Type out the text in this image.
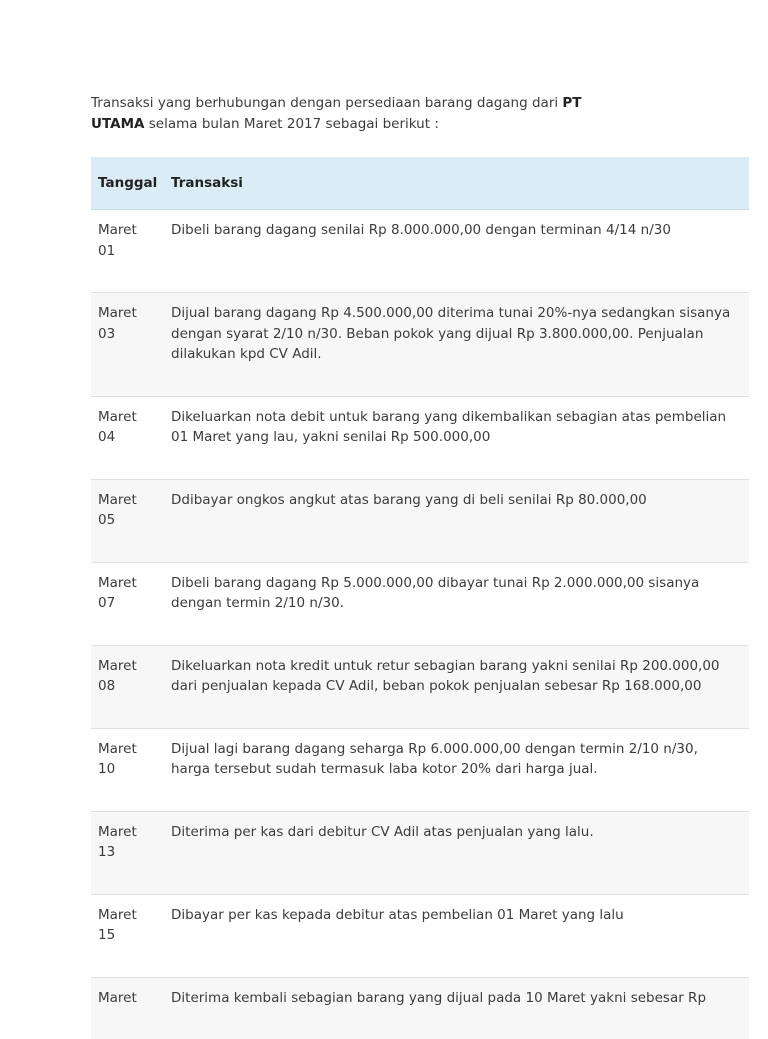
Transaksi yang berhubungan dengan persediaan barang dagang dari PT
UTAMA selama bulan Maret 2017 sebagai berikut :
Tanggal	Transaksi
Maret
01	Dibeli barang dagang senilai Rp 8.000.000,00 dengan terminan 4/14 n/30
Maret
03	Dijual barang dagang Rp 4.500.000,00 diterima tunai 20%-nya sedangkan sisanya dengan syarat 2/10 n/30. Beban pokok yang dijual Rp 3.800.000,00. Penjualan dilakukan kpd CV Adil.
Maret
04	Dikeluarkan nota debit untuk barang yang dikembalikan sebagian atas pembelian 01 Maret yang lau, yakni senilai Rp 500.000,00
Maret
05	Ddibayar ongkos angkut atas barang yang di beli senilai Rp 80.000,00
Maret
07	Dibeli barang dagang Rp 5.000.000,00 dibayar tunai Rp 2.000.000,00 sisanya dengan termin 2/10 n/30.
Maret
08	Dikeluarkan nota kredit untuk retur sebagian barang yakni senilai Rp 200.000,00 dari penjualan kepada CV Adil, beban pokok penjualan sebesar Rp 168.000,00
Maret
10	Dijual lagi barang dagang seharga Rp 6.000.000,00 dengan termin 2/10 n/30, harga tersebut sudah termasuk laba kotor 20% dari harga jual.
Maret
13	Diterima per kas dari debitur CV Adil atas penjualan yang lalu.
Maret
15	Dibayar per kas kepada debitur atas pembelian 01 Maret yang lalu
Maret	Diterima kembali sebagian barang yang dijual pada 10 Maret yakni sebesar Rp
